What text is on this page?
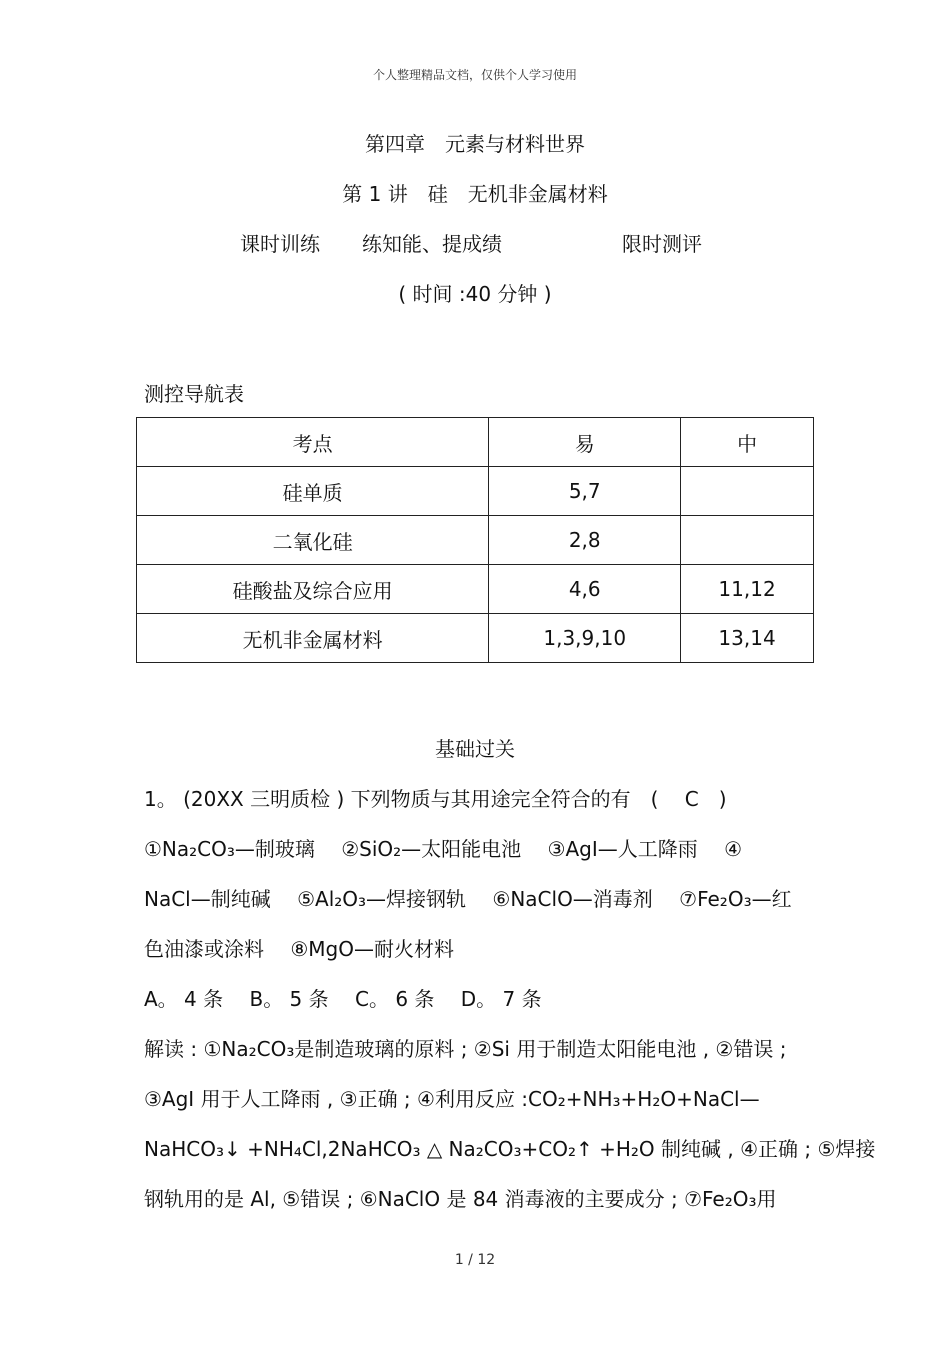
个人整理精品文档，仅供个人学习使用
第四章　元素与材料世界
第 1 讲　硅　无机非金属材料
课时训练 练知能、提成绩	限时测评
( 时间 :40 分钟 )
测控导航表
考点	易	中
硅单质	5,7	
二氧化硅	2,8	
硅酸盐及综合应用	4,6	11,12
无机非金属材料	1,3,9,10	13,14
基础过关
1。 (20XX 三明质检 ) 下列物质与其用途完全符合的有　(　 C　)
①Na₂CO₃—制玻璃　 ②SiO₂—太阳能电池　 ③AgI—人工降雨　 ④
NaCl—制纯碱　 ⑤Al₂O₃—焊接钢轨　 ⑥NaClO—消毒剂　 ⑦Fe₂O₃—红
色油漆或涂料　 ⑧MgO—耐火材料
A。 4 条　 B。 5 条　 C。 6 条　 D。 7 条
解读 : ①Na₂CO₃是制造玻璃的原料 ; ②Si 用于制造太阳能电池 , ②错误 ;
③AgI 用于人工降雨 , ③正确 ; ④利用反应 :CO₂+NH₃+H₂O+NaCl—
NaHCO₃↓ +NH₄Cl,2NaHCO₃ △ Na₂CO₃+CO₂↑ +H₂O 制纯碱 , ④正确 ; ⑤焊接
钢轨用的是 Al, ⑤错误 ; ⑥NaClO 是 84 消毒液的主要成分 ; ⑦Fe₂O₃用
1 / 12
